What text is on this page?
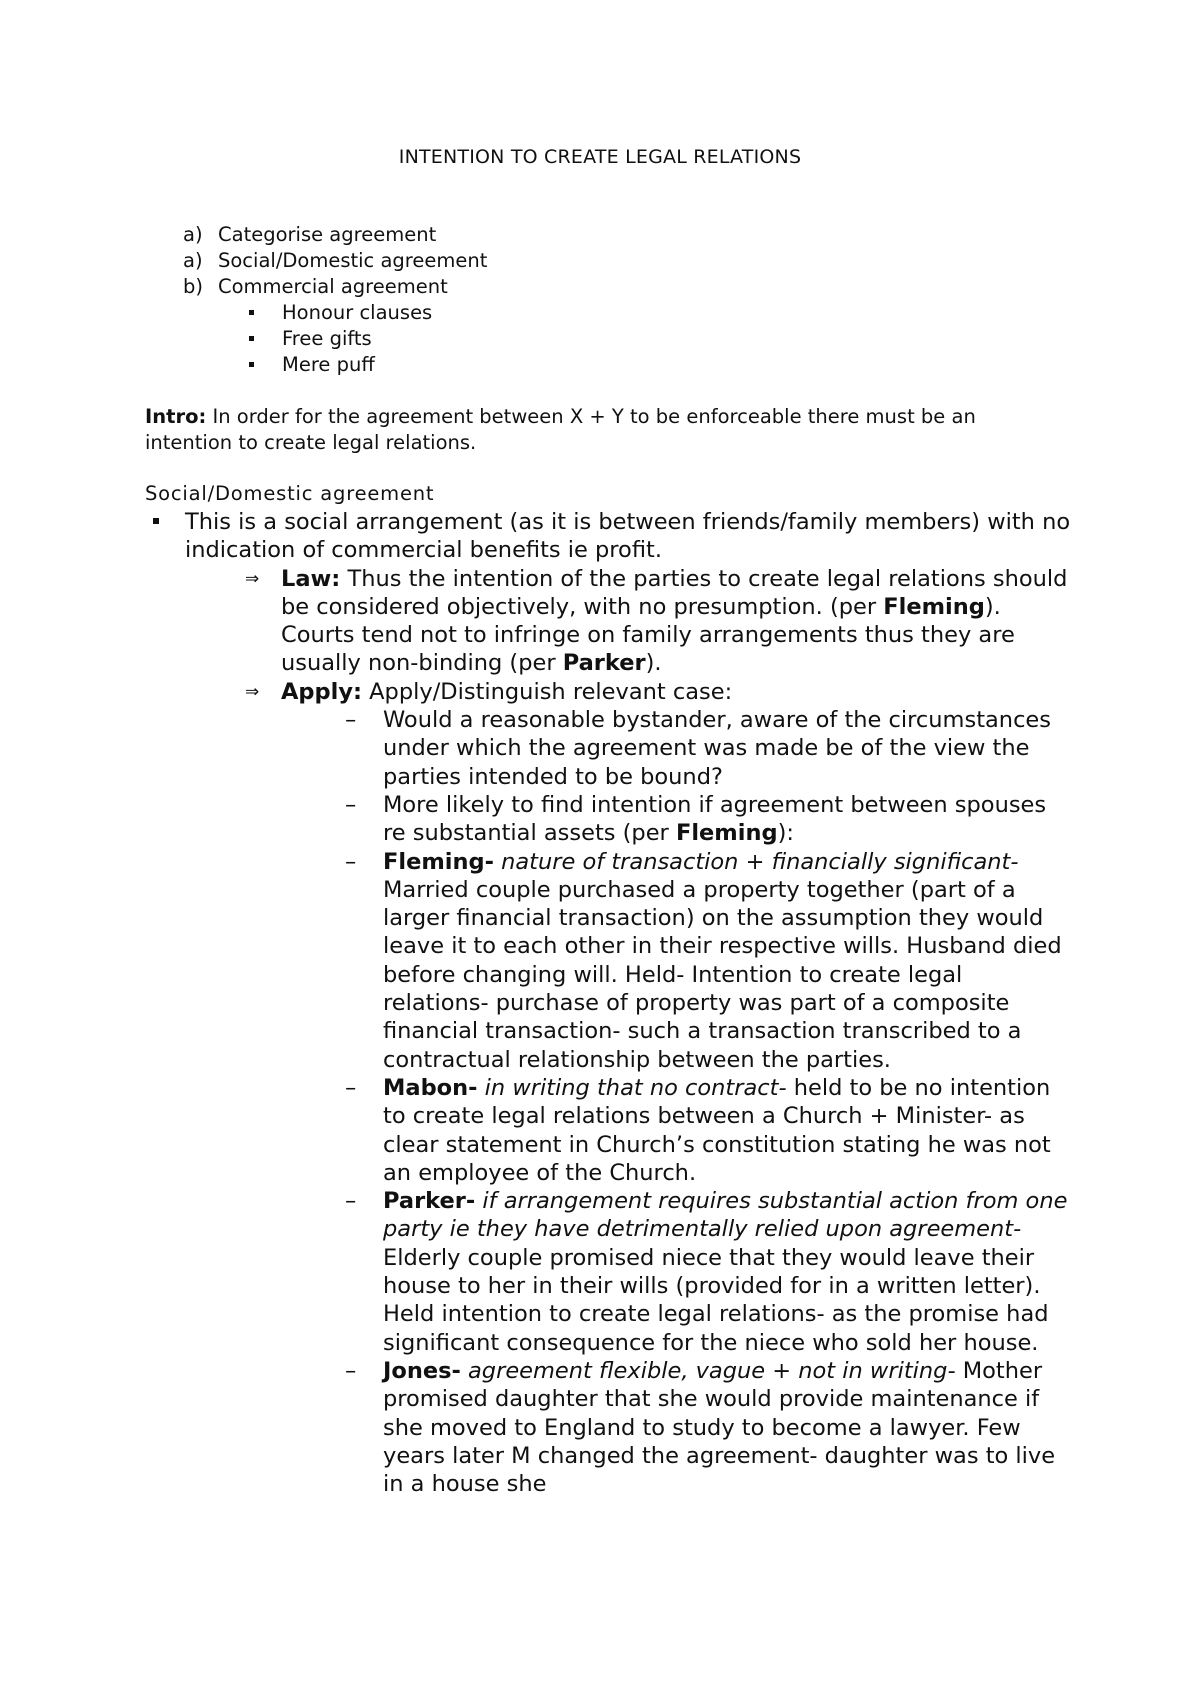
INTENTION TO CREATE LEGAL RELATIONS
a) Categorise agreement
a) Social/Domestic agreement
b) Commercial agreement
Honour clauses
Free gifts
Mere puff
Intro: In order for the agreement between X + Y to be enforceable there must be an intention to create legal relations.
Social/Domestic agreement
This is a social arrangement (as it is between friends/family members) with no indication of commercial benefits ie profit.
⇒ Law: Thus the intention of the parties to create legal relations should be considered objectively, with no presumption. (per Fleming). Courts tend not to infringe on family arrangements thus they are usually non-binding (per Parker).
⇒ Apply: Apply/Distinguish relevant case:
– Would a reasonable bystander, aware of the circumstances under which the agreement was made be of the view the parties intended to be bound?
– More likely to find intention if agreement between spouses re substantial assets (per Fleming):
– Fleming- nature of transaction + financially significant- Married couple purchased a property together (part of a larger financial transaction) on the assumption they would leave it to each other in their respective wills. Husband died before changing will. Held- Intention to create legal relations- purchase of property was part of a composite financial transaction- such a transaction transcribed to a contractual relationship between the parties.
– Mabon- in writing that no contract- held to be no intention to create legal relations between a Church + Minister- as clear statement in Church’s constitution stating he was not an employee of the Church.
– Parker- if arrangement requires substantial action from one party ie they have detrimentally relied upon agreement- Elderly couple promised niece that they would leave their house to her in their wills (provided for in a written letter). Held intention to create legal relations- as the promise had significant consequence for the niece who sold her house.
– Jones- agreement flexible, vague + not in writing- Mother promised daughter that she would provide maintenance if she moved to England to study to become a lawyer. Few years later M changed the agreement- daughter was to live in a house she
